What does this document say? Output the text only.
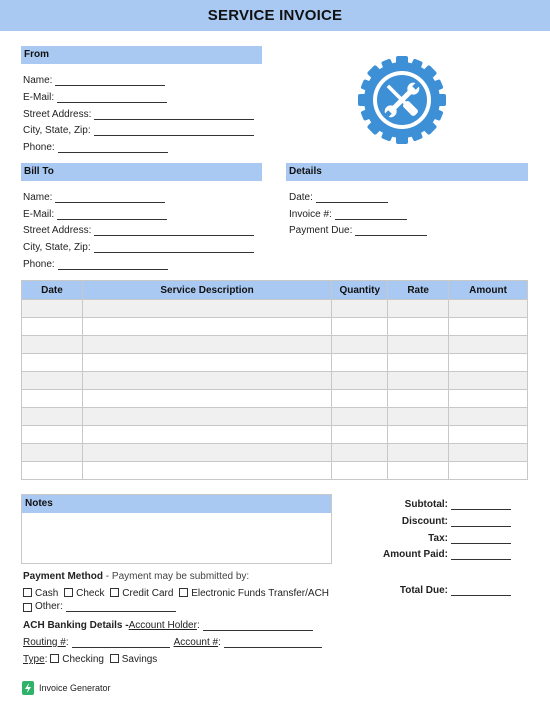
SERVICE INVOICE
From
Name:
E-Mail:
Street Address:
City, State, Zip:
Phone:
Bill To
Name:
E-Mail:
Street Address:
City, State, Zip:
Phone:
Details
Date:
Invoice #:
Payment Due:
Date	Service Description	Quantity	Rate	Amount

Notes	Subtotal:
Discount:
Tax:
Amount Paid:
Total Due:
Payment Method - Payment may be submitted by:
Cash Check Credit Card Electronic Funds Transfer/ACH
Other:
ACH Banking Details - Account Holder :
Routing # :	Account # :
Type: Checking Savings
Invoice Generator
